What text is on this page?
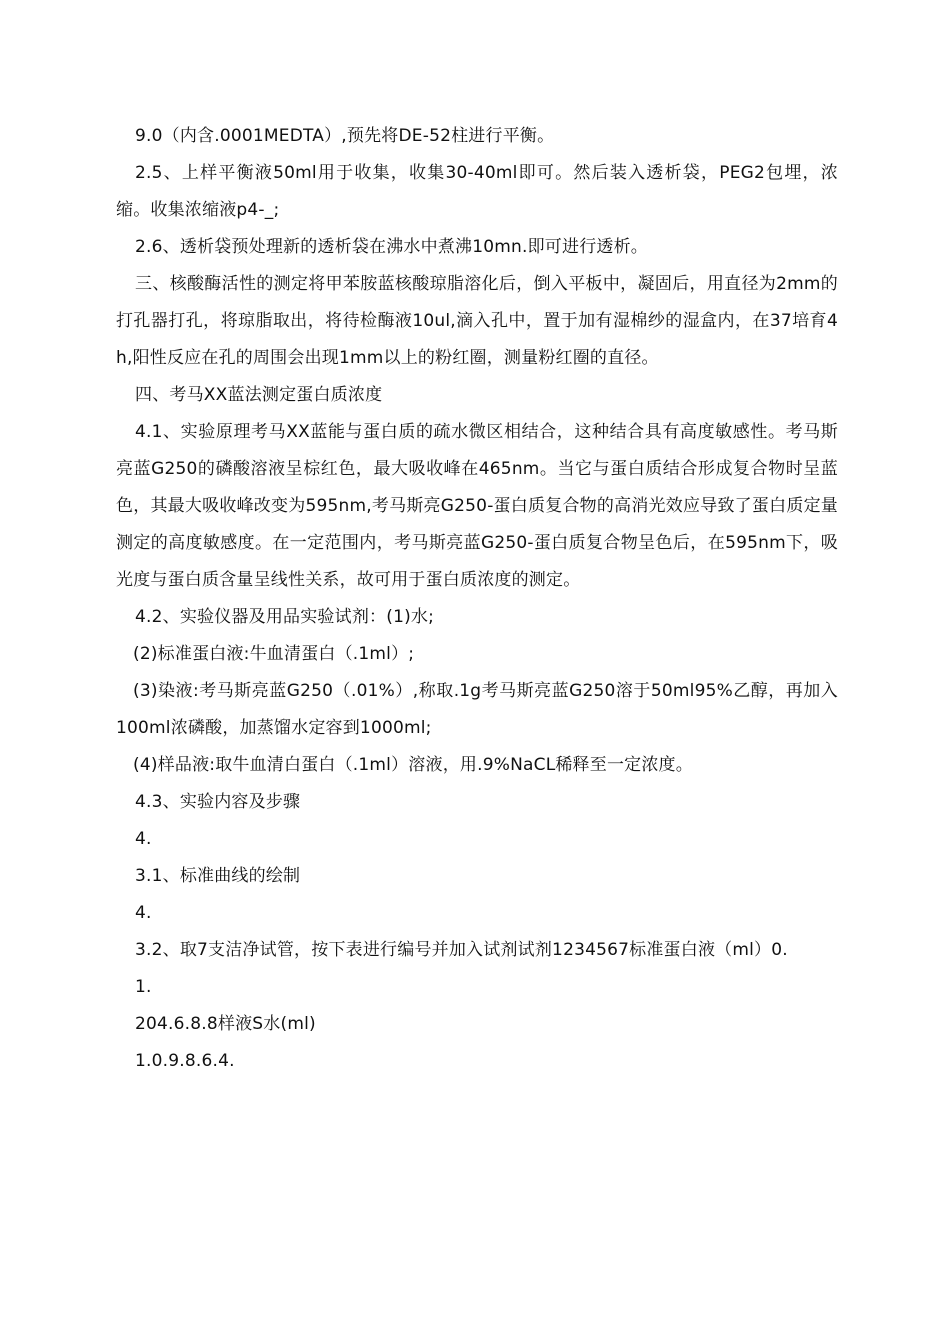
9.0（内含.0001MEDTA）,预先将DE-52柱进行平衡。

2.5、上样平衡液50ml用于收集，收集30-40ml即可。然后装入透析袋，PEG2包埋，浓缩。收集浓缩液p4-_;

2.6、透析袋预处理新的透析袋在沸水中煮沸10mn.即可进行透析。

三、核酸酶活性的测定将甲苯胺蓝核酸琼脂溶化后，倒入平板中，凝固后，用直径为2mm的打孔器打孔，将琼脂取出，将待检酶液10ul,滴入孔中，置于加有湿棉纱的湿盒内，在37培育4h,阳性反应在孔的周围会出现1mm以上的粉红圈，测量粉红圈的直径。

四、考马XX蓝法测定蛋白质浓度

4.1、实验原理考马XX蓝能与蛋白质的疏水微区相结合，这种结合具有高度敏感性。考马斯亮蓝G250的磷酸溶液呈棕红色，最大吸收峰在465nm。当它与蛋白质结合形成复合物时呈蓝色，其最大吸收峰改变为595nm,考马斯亮G250-蛋白质复合物的高消光效应导致了蛋白质定量测定的高度敏感度。在一定范围内，考马斯亮蓝G250-蛋白质复合物呈色后，在595nm下，吸光度与蛋白质含量呈线性关系，故可用于蛋白质浓度的测定。

4.2、实验仪器及用品实验试剂：(1)水;

(2)标准蛋白液:牛血清蛋白（.1ml）;

(3)染液:考马斯亮蓝G250（.01%）,称取.1g考马斯亮蓝G250溶于50ml95%乙醇，再加入100ml浓磷酸，加蒸馏水定容到1000ml;

(4)样品液:取牛血清白蛋白（.1ml）溶液，用.9%NaCL稀释至一定浓度。

4.3、实验内容及步骤

4.

3.1、标准曲线的绘制

4.

3.2、取7支洁净试管，按下表进行编号并加入试剂试剂1234567标准蛋白液（ml）0.

1.

204.6.8.8样液S水(ml)

1.0.9.8.6.4.
